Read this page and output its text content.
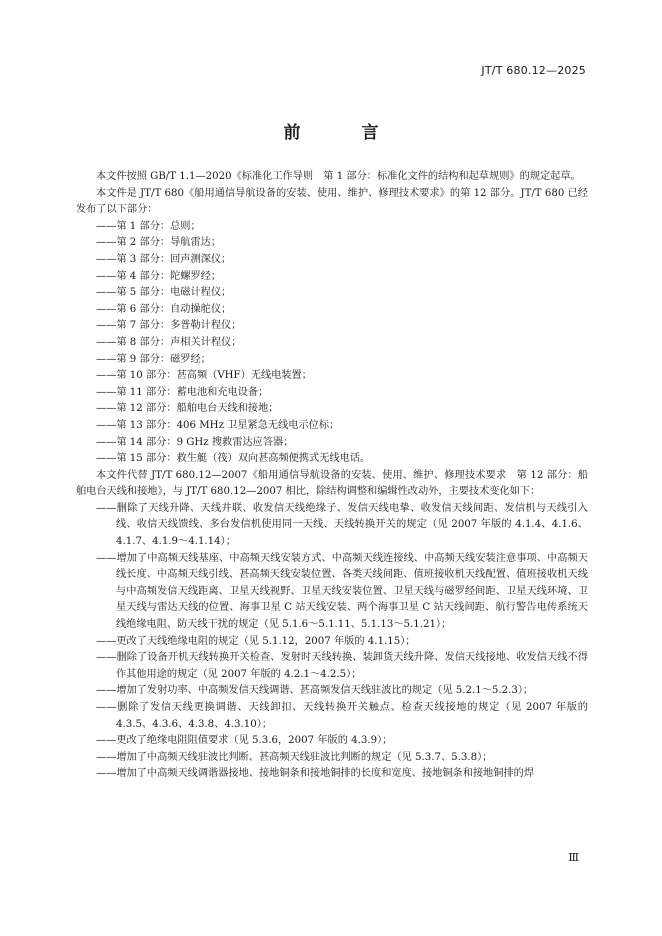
JT/T 680.12—2025
前　言

本文件按照 GB/T 1.1—2020《标准化工作导则　第 1 部分：标准化文件的结构和起草规则》的规定起草。

本文件是 JT/T 680《船用通信导航设备的安装、使用、维护、修理技术要求》的第 12 部分。JT/T 680 已经发布了以下部分：

——第 1 部分：总则；

——第 2 部分：导航雷达；

——第 3 部分：回声测深仪；

——第 4 部分：陀螺罗经；

——第 5 部分：电磁计程仪；

——第 6 部分：自动操舵仪；

——第 7 部分：多普勒计程仪；

——第 8 部分：声相关计程仪；

——第 9 部分：磁罗经；

——第 10 部分：甚高频（VHF）无线电装置；

——第 11 部分：蓄电池和充电设备；

——第 12 部分：船舶电台天线和接地；

——第 13 部分：406 MHz 卫星紧急无线电示位标；

——第 14 部分：9 GHz 搜救雷达应答器；

——第 15 部分：救生艇（筏）双向甚高频便携式无线电话。

本文件代替 JT/T 680.12—2007《船用通信导航设备的安装、使用、维护、修理技术要求　第 12 部分：船舶电台天线和接地》，与 JT/T 680.12—2007 相比，除结构调整和编辑性改动外，主要技术变化如下：

——删除了天线升降、天线并联、收发信天线绝缘子、发信天线电挚、收发信天线间距、发信机与天线引入线、收信天线馈线、多台发信机使用同一天线、天线转换开关的规定（见 2007 年版的 4.1.4、4.1.6、4.1.7、4.1.9～4.1.14）；

——增加了中高频天线基座、中高频天线安装方式、中高频天线连接线、中高频天线安装注意事项、中高频天线长度、中高频天线引线、甚高频天线安装位置、各类天线间距、值班接收机天线配置、值班接收机天线与中高频发信天线距离、卫星天线视野、卫星天线安装位置、卫星天线与磁罗经间距、卫星天线环境、卫星天线与雷达天线的位置、海事卫星 C 站天线安装、两个海事卫星 C 站天线间距、航行警告电传系统天线绝缘电阻、防天线干扰的规定（见 5.1.6～5.1.11、5.1.13～5.1.21）；

——更改了天线绝缘电阻的规定（见 5.1.12，2007 年版的 4.1.15）；

——删除了设备开机天线转换开关检查、发射时天线转换、装卸货天线升降、发信天线接地、收发信天线不得作其他用途的规定（见 2007 年版的 4.2.1～4.2.5）；

——增加了发射功率、中高频发信天线调谐、甚高频发信天线驻波比的规定（见 5.2.1～5.2.3）；

——删除了发信天线更换调谐、天线卸扣、天线转换开关触点、检查天线接地的规定（见 2007 年版的 4.3.5、4.3.6、4.3.8、4.3.10）；

——更改了绝缘电阻阻值要求（见 5.3.6，2007 年版的 4.3.9）；

——增加了中高频天线驻波比判断、甚高频天线驻波比判断的规定（见 5.3.7、5.3.8）；

——增加了中高频天线调谐器接地、接地铜条和接地铜排的长度和宽度、接地铜条和接地铜排的焊

Ⅲ
